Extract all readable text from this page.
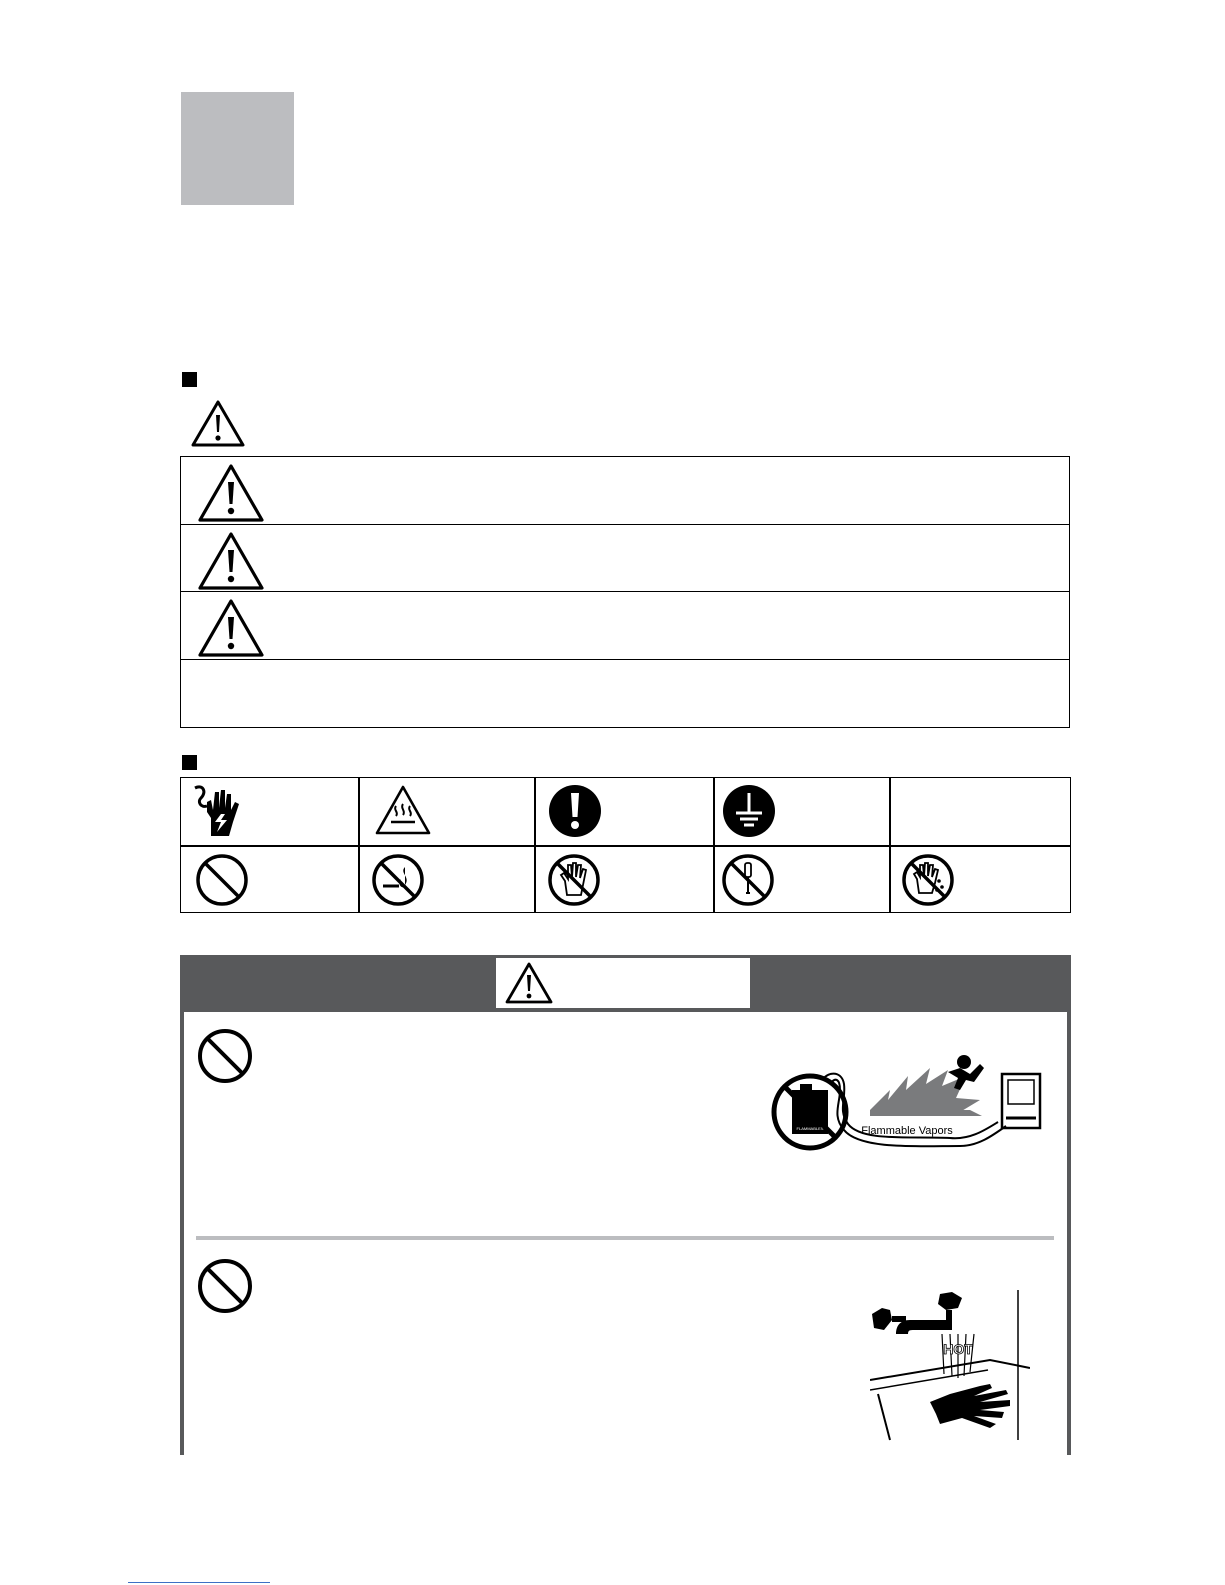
FLAMMABLES	Flammable Vapors
HOT
